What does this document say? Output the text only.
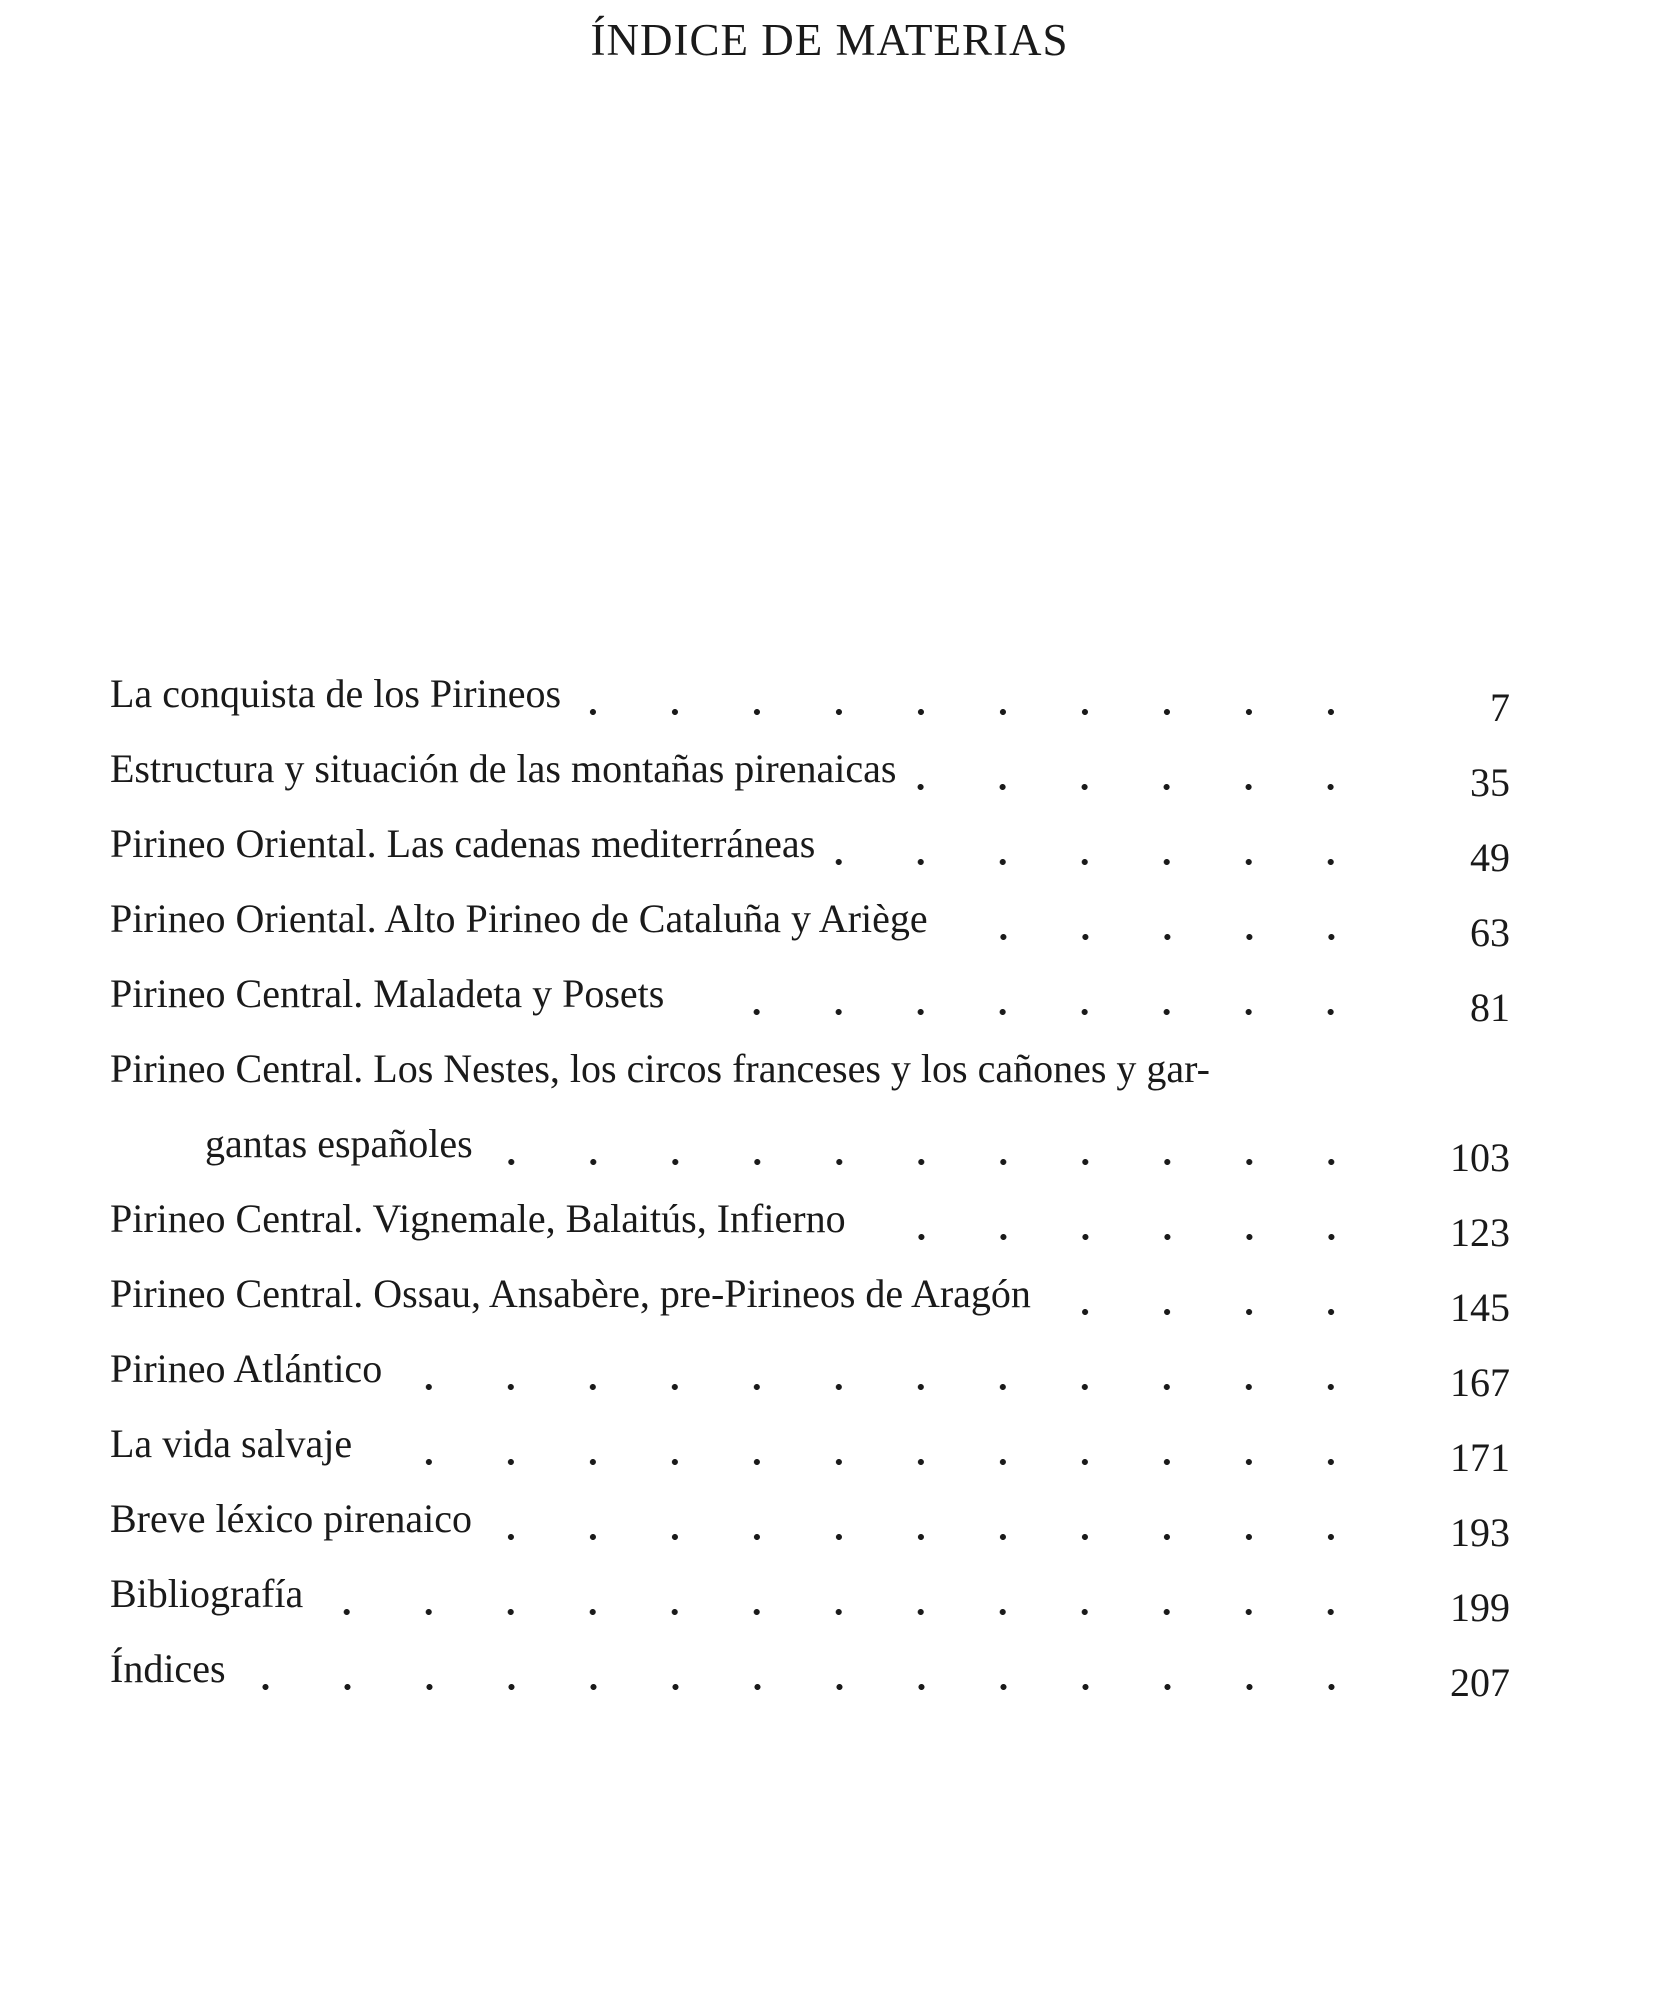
ÍNDICE DE MATERIAS
La conquista de los Pirineos	7
Estructura y situación de las montañas pirenaicas	35
Pirineo Oriental. Las cadenas mediterráneas	49
Pirineo Oriental. Alto Pirineo de Cataluña y Ariège	63
Pirineo Central. Maladeta y Posets	81
Pirineo Central. Los Nestes, los circos franceses y los cañones y gar-
gantas españoles	103
Pirineo Central. Vignemale, Balaitús, Infierno	123
Pirineo Central. Ossau, Ansabère, pre-Pirineos de Aragón	145
Pirineo Atlántico	167
La vida salvaje	171
Breve léxico pirenaico	193
Bibliografía	199
Índices	207
